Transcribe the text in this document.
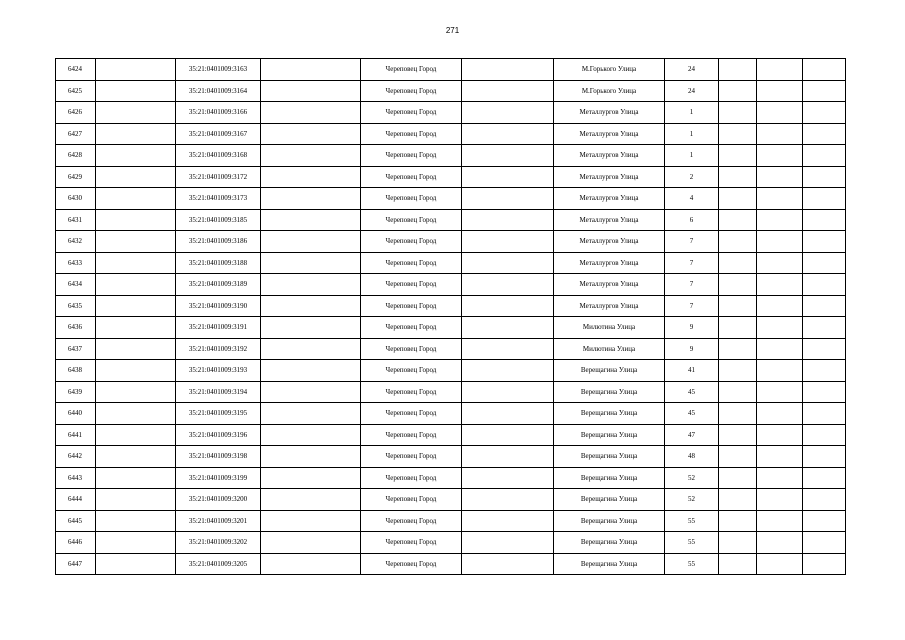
271
6424		35:21:0401009:3163		Череповец Город		М.Горького Улица	24			
6425		35:21:0401009:3164		Череповец Город		М.Горького Улица	24			
6426		35:21:0401009:3166		Череповец Город		Металлургов Улица	1			
6427		35:21:0401009:3167		Череповец Город		Металлургов Улица	1			
6428		35:21:0401009:3168		Череповец Город		Металлургов Улица	1			
6429		35:21:0401009:3172		Череповец Город		Металлургов Улица	2			
6430		35:21:0401009:3173		Череповец Город		Металлургов Улица	4			
6431		35:21:0401009:3185		Череповец Город		Металлургов Улица	6			
6432		35:21:0401009:3186		Череповец Город		Металлургов Улица	7			
6433		35:21:0401009:3188		Череповец Город		Металлургов Улица	7			
6434		35:21:0401009:3189		Череповец Город		Металлургов Улица	7			
6435		35:21:0401009:3190		Череповец Город		Металлургов Улица	7			
6436		35:21:0401009:3191		Череповец Город		Милютина Улица	9			
6437		35:21:0401009:3192		Череповец Город		Милютина Улица	9			
6438		35:21:0401009:3193		Череповец Город		Верещагина Улица	41			
6439		35:21:0401009:3194		Череповец Город		Верещагина Улица	45			
6440		35:21:0401009:3195		Череповец Город		Верещагина Улица	45			
6441		35:21:0401009:3196		Череповец Город		Верещагина Улица	47			
6442		35:21:0401009:3198		Череповец Город		Верещагина Улица	48			
6443		35:21:0401009:3199		Череповец Город		Верещагина Улица	52			
6444		35:21:0401009:3200		Череповец Город		Верещагина Улица	52			
6445		35:21:0401009:3201		Череповец Город		Верещагина Улица	55			
6446		35:21:0401009:3202		Череповец Город		Верещагина Улица	55			
6447		35:21:0401009:3205		Череповец Город		Верещагина Улица	55			
